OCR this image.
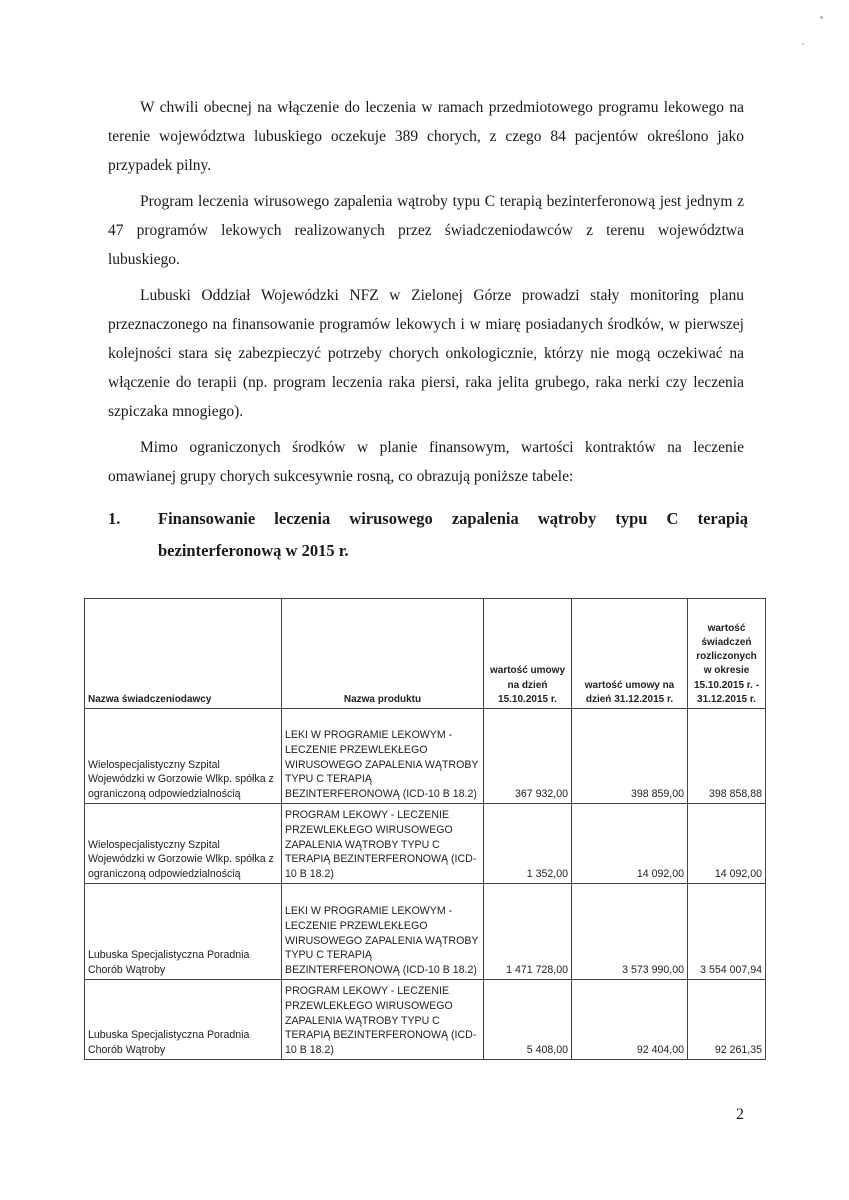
W chwili obecnej na włączenie do leczenia w ramach przedmiotowego programu lekowego na terenie województwa lubuskiego oczekuje 389 chorych, z czego 84 pacjentów określono jako przypadek pilny.

Program leczenia wirusowego zapalenia wątroby typu C terapią bezinterferonową jest jednym z 47 programów lekowych realizowanych przez świadczeniodawców z terenu województwa lubuskiego.

Lubuski Oddział Wojewódzki NFZ w Zielonej Górze prowadzi stały monitoring planu przeznaczonego na finansowanie programów lekowych i w miarę posiadanych środków, w pierwszej kolejności stara się zabezpieczyć potrzeby chorych onkologicznie, którzy nie mogą oczekiwać na włączenie do terapii (np. program leczenia raka piersi, raka jelita grubego, raka nerki czy leczenia szpiczaka mnogiego).

Mimo ograniczonych środków w planie finansowym, wartości kontraktów na leczenie omawianej grupy chorych sukcesywnie rosną, co obrazują poniższe tabele:

1. Finansowanie leczenia wirusowego zapalenia wątroby typu C terapią bezinterferonową w 2015 r.
Nazwa świadczeniodawcy	Nazwa produktu	wartość umowy na dzień 15.10.2015 r.	wartość umowy na dzień 31.12.2015 r.	wartość świadczeń rozliczonych w okresie 15.10.2015 r. - 31.12.2015 r.
Wielospecjalistyczny Szpital Wojewódzki w Gorzowie Wlkp. spółka z ograniczoną odpowiedzialnością	LEKI W PROGRAMIE LEKOWYM - LECZENIE PRZEWLEKŁEGO WIRUSOWEGO ZAPALENIA WĄTROBY TYPU C TERAPIĄ BEZINTERFERONOWĄ (ICD-10 B 18.2)	367 932,00	398 859,00	398 858,88
Wielospecjalistyczny Szpital Wojewódzki w Gorzowie Wlkp. spółka z ograniczoną odpowiedzialnością	PROGRAM LEKOWY - LECZENIE PRZEWLEKŁEGO WIRUSOWEGO ZAPALENIA WĄTROBY TYPU C TERAPIĄ BEZINTERFERONOWĄ (ICD-10 B 18.2)	1 352,00	14 092,00	14 092,00
Lubuska Specjalistyczna Poradnia Chorób Wątroby	LEKI W PROGRAMIE LEKOWYM - LECZENIE PRZEWLEKŁEGO WIRUSOWEGO ZAPALENIA WĄTROBY TYPU C TERAPIĄ BEZINTERFERONOWĄ (ICD-10 B 18.2)	1 471 728,00	3 573 990,00	3 554 007,94
Lubuska Specjalistyczna Poradnia Chorób Wątroby	PROGRAM LEKOWY - LECZENIE PRZEWLEKŁEGO WIRUSOWEGO ZAPALENIA WĄTROBY TYPU C TERAPIĄ BEZINTERFERONOWĄ (ICD-10 B 18.2)	5 408,00	92 404,00	92 261,35
2
